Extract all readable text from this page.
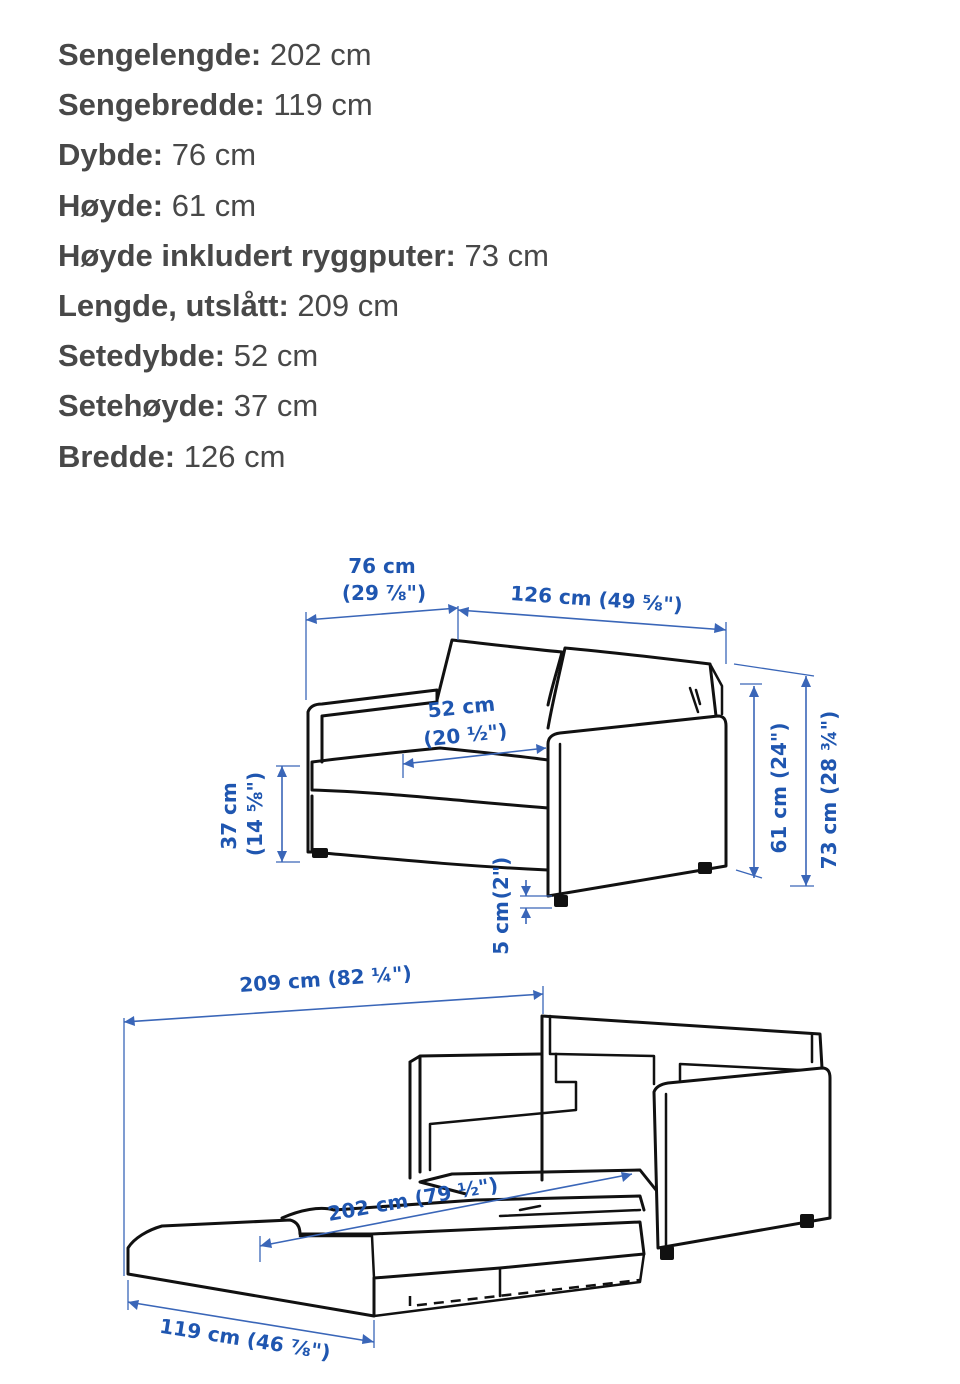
Sengelengde: 202 cm
Sengebredde: 119 cm
Dybde: 76 cm
Høyde: 61 cm
Høyde inkludert ryggputer: 73 cm
Lengde, utslått: 209 cm
Setedybde: 52 cm
Setehøyde: 37 cm
Bredde: 126 cm
76 cm
(29 ⅞")	126 cm (49 ⅝")
52 cm
(20 ½")
37 cm (14 ⅝")	61 cm (24") 73 cm (28 ¾")
5 cm
(2")
209 cm (82 ¼")
202 cm (79 ½")
119 cm (46 ⅞")
